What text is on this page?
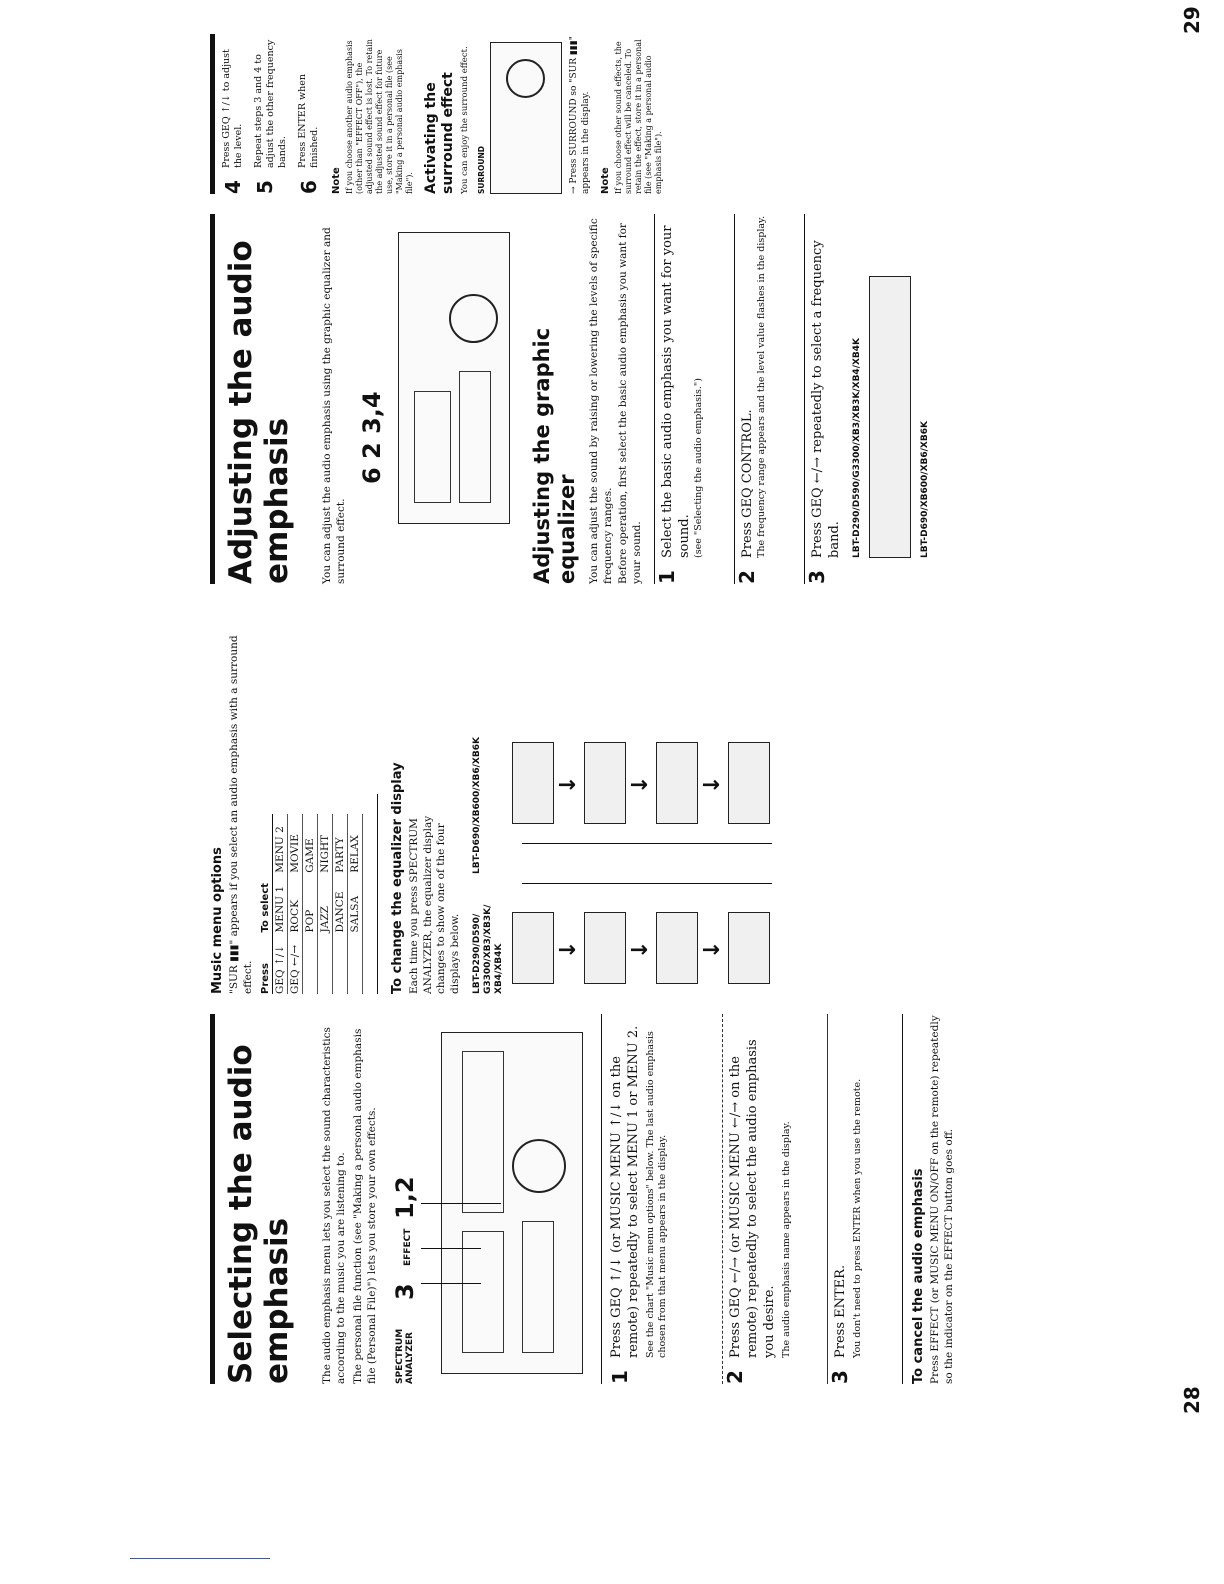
Selecting the audio emphasis The audio emphasis menu lets you select the sound characteristics according to the music you are listening to. The personal file function (see "Making a personal audio emphasis file (Personal File)") lets you store your own effects. SPECTRUM ANALYZER
3
EFFECT
1,2
1
Press GEQ ↑/↓ (or MUSIC MENU ↑/↓ on the remote) repeatedly to select MENU 1 or MENU 2. See the chart "Music menu options" below. The last audio emphasis chosen from that menu appears in the display.
2
Press GEQ ←/→ (or MUSIC MENU ←/→ on the remote) repeatedly to select the audio emphasis you desire. The audio emphasis name appears in the display.
3
Press ENTER. You don't need to press ENTER when you use the remote.	To cancel the audio emphasis Press EFFECT (or MUSIC MENU ON/OFF on the remote) repeatedly so the indicator on the EFFECT button goes off.
Music menu options "SUR ▮▮▮" appears if you select an audio emphasis with a surround effect. Press	To select	
GEQ ↑/↓	MENU 1	MENU 2
GEQ ←/→	ROCK	MOVIE
	POP	GAME
	JAZZ	NIGHT
	DANCE	PARTY
	SALSA	RELAX To change the equalizer display Each time you press SPECTRUM ANALYZER, the equalizer display changes to show one of the four displays below. LBT-D290/D590/ G3300/XB3/XB3K/ XB4/XB4K
LBT-D690/XB600/XB6/XB6K
↓ ↓ ↓
↓ ↓ ↓
28
Adjusting the audio emphasis You can adjust the audio emphasis using the graphic equalizer and surround effect.
6 2 3,4	Adjusting the graphic equalizer You can adjust the sound by raising or lowering the levels of specific frequency ranges. Before operation, first select the basic audio emphasis you want for your sound. 1
Select the basic audio emphasis you want for your sound. (see "Selecting the audio emphasis.")
2
Press GEQ CONTROL. The frequency range appears and the level value flashes in the display.
3
Press GEQ ←/→ repeatedly to select a frequency band.	LBT-D290/D590/G3300/XB3/XB3K/XB4/XB4K	LBT-D690/XB600/XB6/XB6K
4
Press GEQ ↑/↓ to adjust the level.
5
Repeat steps 3 and 4 to adjust the other frequency bands.
6
Press ENTER when finished.
Note If you choose another audio emphasis (other than "EFFECT OFF"), the adjusted sound effect is lost. To retain the adjusted sound effect for future use, store it in a personal file (see "Making a personal audio emphasis file"). Activating the surround effect You can enjoy the surround effect. SURROUND	→ Press SURROUND so "SUR ▮▮▮" appears in the display. Note If you choose other sound effects, the surround effect will be canceled. To retain the effect, store it in a personal file (see "Making a personal audio emphasis file").
29
